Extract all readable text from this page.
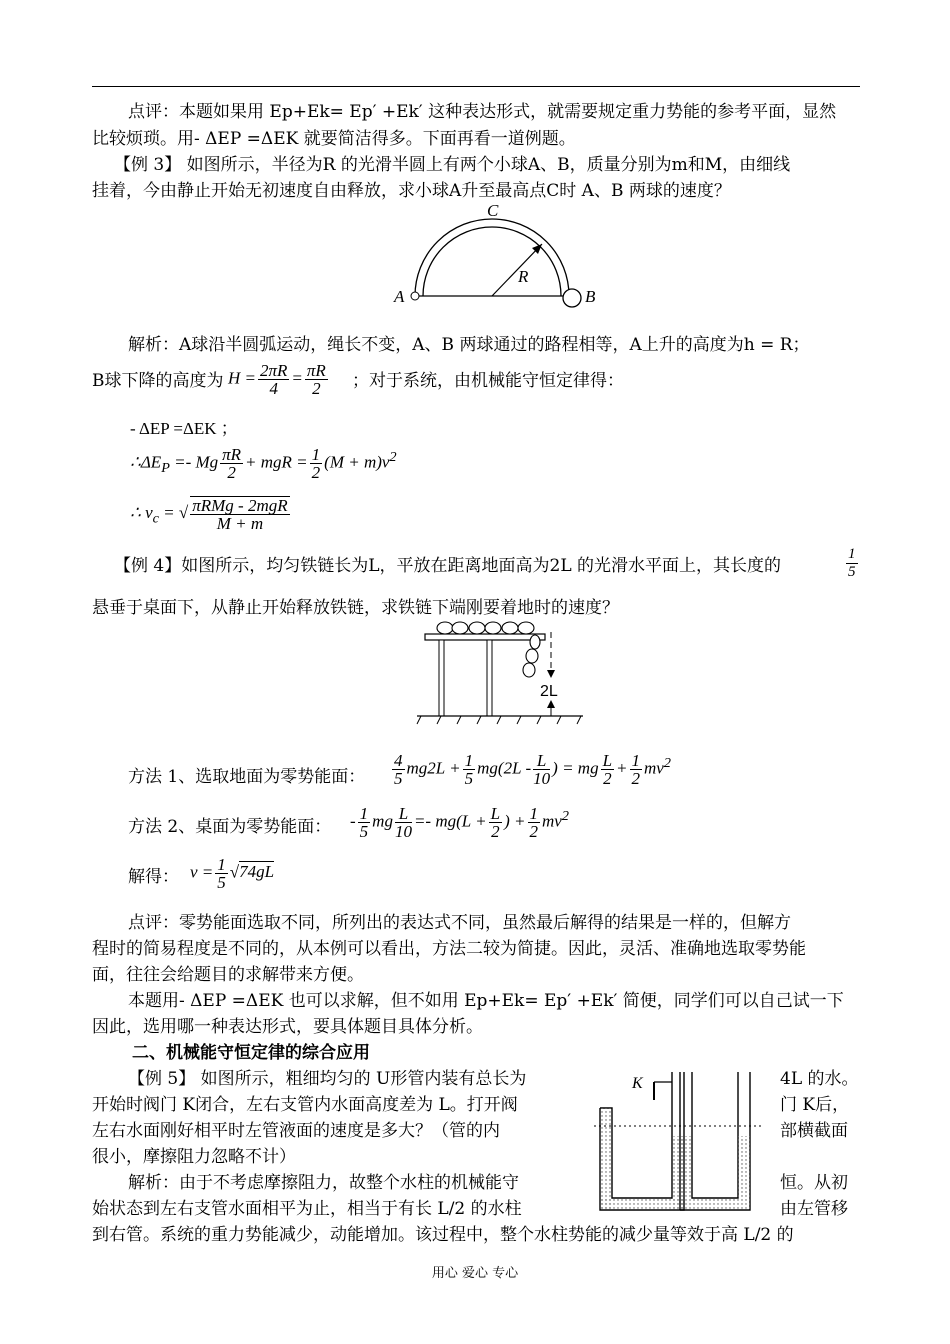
点评：本题如果用 Ep+Ek= Ep′ +Ek′ 这种表达形式，就需要规定重力势能的参考平面，显然
比较烦琐。用- ΔEP =ΔEK 就要简洁得多。下面再看一道例题。
【例 3】 如图所示，半径为R 的光滑半圆上有两个小球A、B，质量分别为m和M，由细线
挂着，今由静止开始无初速度自由释放，求小球A升至最高点C时 A、B 两球的速度？
A	B
C
R
解析：A球沿半圆弧运动，绳长不变，A、B 两球通过的路程相等，A上升的高度为h = R；
B球下降的高度为 $H = \frac{2\pi R}{4} = \frac{\pi R}{2}$ ；对于系统，由机械能守恒定律得：
- ΔEP =ΔEK ；
$\therefore\Delta E_P =- Mg \frac{\pi R}{2}$ + mgR = $\frac{1}{2} (M + m)v^2$
∴ $v_c$ = √ $\frac{\text{πRMg - 2mgR}}{M + m}$
【例 4】如图所示，均匀铁链长为L，平放在距离地面高为2L 的光滑水平面上，其长度的	$\frac{1}{5}$
悬垂于桌面下，从静止开始释放铁链，求铁链下端刚要着地时的速度？
2L
方法 1、选取地面为零势能面： $\frac{4}{5} mg2L + \frac{1}{5} mg(2L - \frac{L}{10}$ ) = mg $\frac{L}{2} + \frac{1}{2} mv^2$
方法 2、桌面为零势能面： - $\frac{1}{5}$ mg $\frac{L}{10} =- mg(L + \frac{L}{2}$ ) + $\frac{1}{2} mv^2$
解得： $v = \frac{1}{5} √74gL$
点评：零势能面选取不同，所列出的表达式不同，虽然最后解得的结果是一样的，但解方
程时的简易程度是不同的，从本例可以看出，方法二较为简捷。因此，灵活、准确地选取零势能
面，往往会给题目的求解带来方便。
本题用- ΔEP =ΔEK 也可以求解，但不如用 Ep+Ek= Ep′ +Ek′ 简便，同学们可以自己试一下
因此，选用哪一种表达形式，要具体题目具体分析。
二、机械能守恒定律的综合应用
【例 5】 如图所示，粗细均匀的 U形管内装有总长为	4L 的水。
开始时阀门 K闭合，左右支管内水面高度差为 L。打开阀	门 K后，
左右水面刚好相平时左管液面的速度是多大？（管的内	部横截面
很小，摩擦阻力忽略不计）
解析：由于不考虑摩擦阻力，故整个水柱的机械能守	恒。从初
始状态到左右支管水面相平为止，相当于有长 L/2 的水柱	由左管移
到右管。系统的重力势能减少，动能增加。该过程中，整个水柱势能的减少量等效于高 L/2 的
K
用心 爱心 专心
